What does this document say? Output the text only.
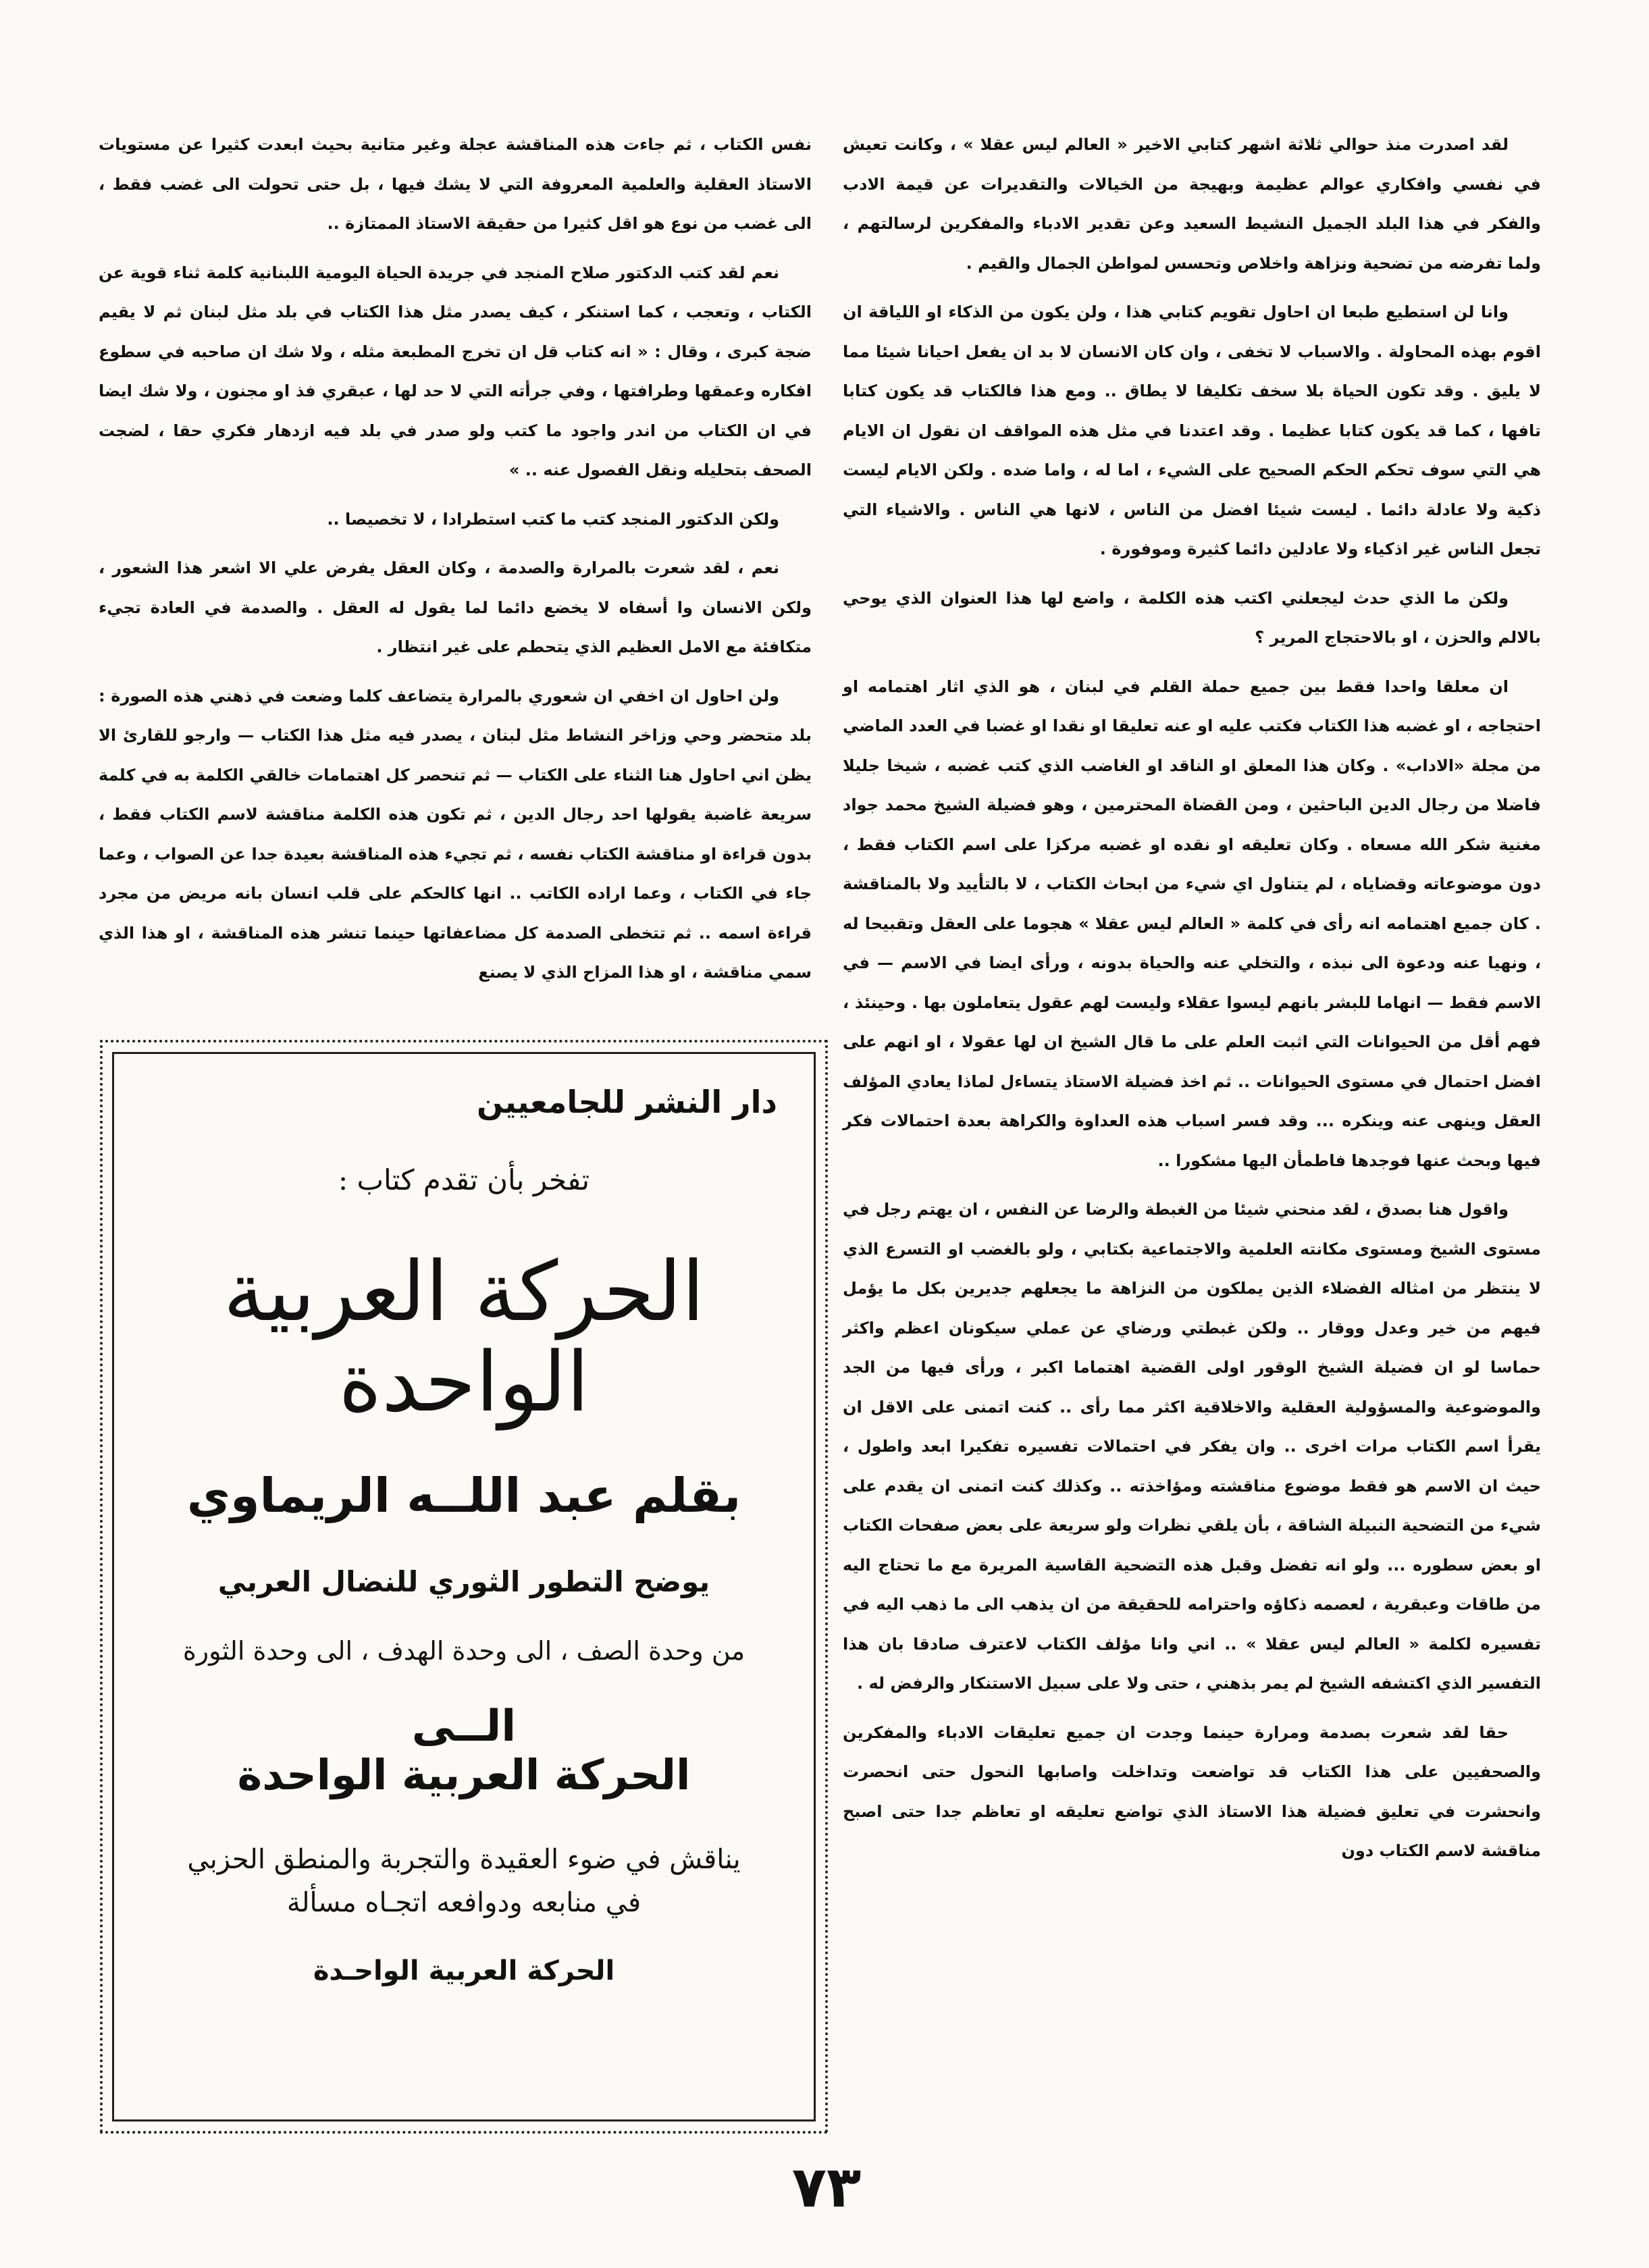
لقد اصدرت منذ حوالي ثلاثة اشهر كتابي الاخير « العالم ليس عقلا » ، وكانت تعيش في نفسي وافكاري عوالم عظيمة وبهيجة من الخيالات والتقديرات عن قيمة الادب والفكر في هذا البلد الجميل النشيط السعيد وعن تقدير الادباء والمفكرين لرسالتهم ، ولما تفرضه من تضحية ونزاهة واخلاص وتحسس لمواطن الجمال والقيم .

وانا لن استطيع طبعا ان احاول تقويم كتابي هذا ، ولن يكون من الذكاء او اللياقة ان اقوم بهذه المحاولة . والاسباب لا تخفى ، وان كان الانسان لا بد ان يفعل احيانا شيئا مما لا يليق . وقد تكون الحياة بلا سخف تكليفا لا يطاق .. ومع هذا فالكتاب قد يكون كتابا تافها ، كما قد يكون كتابا عظيما . وقد اعتدنا في مثل هذه المواقف ان نقول ان الايام هي التي سوف تحكم الحكم الصحيح على الشيء ، اما له ، واما ضده . ولكن الايام ليست ذكية ولا عادلة دائما . ليست شيئا افضل من الناس ، لانها هي الناس . والاشياء التي تجعل الناس غير اذكياء ولا عادلين دائما كثيرة وموفورة .

ولكن ما الذي حدث ليجعلني اكتب هذه الكلمة ، واضع لها هذا العنوان الذي يوحي بالالم والحزن ، او بالاحتجاج المرير ؟

ان معلقا واحدا فقط بين جميع حملة القلم في لبنان ، هو الذي اثار اهتمامه او احتجاجه ، او غضبه هذا الكتاب فكتب عليه او عنه تعليقا او نقدا او غضبا في العدد الماضي من مجلة «الاداب» . وكان هذا المعلق او الناقد او الغاضب الذي كتب غضبه ، شيخا جليلا فاضلا من رجال الدين الباحثين ، ومن القضاة المحترمين ، وهو فضيلة الشيخ محمد جواد مغنية شكر الله مسعاه . وكان تعليقه او نقده او غضبه مركزا على اسم الكتاب فقط ، دون موضوعاته وقضاياه ، لم يتناول اي شيء من ابحاث الكتاب ، لا بالتأييد ولا بالمناقشة . كان جميع اهتمامه انه رأى في كلمة « العالم ليس عقلا » هجوما على العقل وتقبيحا له ، ونهيا عنه ودعوة الى نبذه ، والتخلي عنه والحياة بدونه ، ورأى ايضا في الاسم — في الاسم فقط — انهاما للبشر بانهم ليسوا عقلاء وليست لهم عقول يتعاملون بها . وحينئذ ، فهم أقل من الحيوانات التي اثبت العلم على ما قال الشيخ ان لها عقولا ، او انهم على افضل احتمال في مستوى الحيوانات .. ثم اخذ فضيلة الاستاذ يتساءل لماذا يعادي المؤلف العقل وينهى عنه وينكره ... وقد فسر اسباب هذه العداوة والكراهة بعدة احتمالات فكر فيها وبحث عنها فوجدها فاطمأن اليها مشكورا ..

واقول هنا بصدق ، لقد منحني شيئا من الغبطة والرضا عن النفس ، ان يهتم رجل في مستوى الشيخ ومستوى مكانته العلمية والاجتماعية بكتابي ، ولو بالغضب او التسرع الذي لا ينتظر من امثاله الفضلاء الذين يملكون من النزاهة ما يجعلهم جديرين بكل ما يؤمل فيهم من خير وعدل ووقار .. ولكن غبطتي ورضاي عن عملي سيكونان اعظم واكثر حماسا لو ان فضيلة الشيخ الوقور اولى القضية اهتماما اكبر ، ورأى فيها من الجد والموضوعية والمسؤولية العقلية والاخلاقية اكثر مما رأى .. كنت اتمنى على الاقل ان يقرأ اسم الكتاب مرات اخرى .. وان يفكر في احتمالات تفسيره تفكيرا ابعد واطول ، حيث ان الاسم هو فقط موضوع مناقشته ومؤاخذته .. وكذلك كنت اتمنى ان يقدم على شيء من التضحية النبيلة الشاقة ، بأن يلقي نظرات ولو سريعة على بعض صفحات الكتاب او بعض سطوره ... ولو انه تفضل وقبل هذه التضحية القاسية المريرة مع ما تحتاج اليه من طاقات وعبقرية ، لعصمه ذكاؤه واحترامه للحقيقة من ان يذهب الى ما ذهب اليه في تفسيره لكلمة « العالم ليس عقلا » .. اني وانا مؤلف الكتاب لاعترف صادقا بان هذا التفسير الذي اكتشفه الشيخ لم يمر بذهني ، حتى ولا على سبيل الاستنكار والرفض له .

حقا لقد شعرت بصدمة ومرارة حينما وجدت ان جميع تعليقات الادباء والمفكرين والصحفيين على هذا الكتاب قد تواضعت وتداخلت واصابها النحول حتى انحصرت وانحشرت في تعليق فضيلة هذا الاستاذ الذي تواضع تعليقه او تعاظم جدا حتى اصبح مناقشة لاسم الكتاب دون

نفس الكتاب ، ثم جاءت هذه المناقشة عجلة وغير متانية بحيث ابعدت كثيرا عن مستويات الاستاذ العقلية والعلمية المعروفة التي لا يشك فيها ، بل حتى تحولت الى غضب فقط ، الى غضب من نوع هو اقل كثيرا من حقيقة الاستاذ الممتازة ..

نعم لقد كتب الدكتور صلاح المنجد في جريدة الحياة اليومية اللبنانية كلمة ثناء قوية عن الكتاب ، وتعجب ، كما استنكر ، كيف يصدر مثل هذا الكتاب في بلد مثل لبنان ثم لا يقيم ضجة كبرى ، وقال : « انه كتاب قل ان تخرج المطبعة مثله ، ولا شك ان صاحبه في سطوع افكاره وعمقها وطرافتها ، وفي جرأته التي لا حد لها ، عبقري فذ او مجنون ، ولا شك ايضا في ان الكتاب من اندر واجود ما كتب ولو صدر في بلد فيه ازدهار فكري حقا ، لضجت الصحف بتحليله ونقل الفصول عنه .. »

ولكن الدكتور المنجد كتب ما كتب استطرادا ، لا تخصيصا ..

نعم ، لقد شعرت بالمرارة والصدمة ، وكان العقل يفرض علي الا اشعر هذا الشعور ، ولكن الانسان وا أسفاه لا يخضع دائما لما يقول له العقل . والصدمة في العادة تجيء متكافئة مع الامل العظيم الذي يتحطم على غير انتظار .

ولن احاول ان اخفي ان شعوري بالمرارة يتضاعف كلما وضعت في ذهني هذه الصورة : بلد متحضر وحي وزاخر النشاط مثل لبنان ، يصدر فيه مثل هذا الكتاب — وارجو للقارئ الا يظن اني احاول هنا الثناء على الكتاب — ثم تنحصر كل اهتمامات خالقي الكلمة به في كلمة سريعة غاضبة يقولها احد رجال الدين ، ثم تكون هذه الكلمة مناقشة لاسم الكتاب فقط ، بدون قراءة او مناقشة الكتاب نفسه ، ثم تجيء هذه المناقشة بعيدة جدا عن الصواب ، وعما جاء في الكتاب ، وعما اراده الكاتب .. انها كالحكم على قلب انسان بانه مريض من مجرد قراءة اسمه .. ثم تتخطى الصدمة كل مضاعفاتها حينما تنشر هذه المناقشة ، او هذا الذي سمي مناقشة ، او هذا المزاح الذي لا يصنع

دار النشر للجامعيين
تفخر بأن تقدم كتاب :
الحركة العربية الواحدة
بقلم عبد اللــه الريماوي
يوضح التطور الثوري للنضال العربي
من وحدة الصف ، الى وحدة الهدف ، الى وحدة الثورة
الــى
الحركة العربية الواحدة
يناقش في ضوء العقيدة والتجربة والمنطق الحزبي
في منابعه ودوافعه اتجـاه مسألة
الحركة العربية الواحـدة
٧٣
